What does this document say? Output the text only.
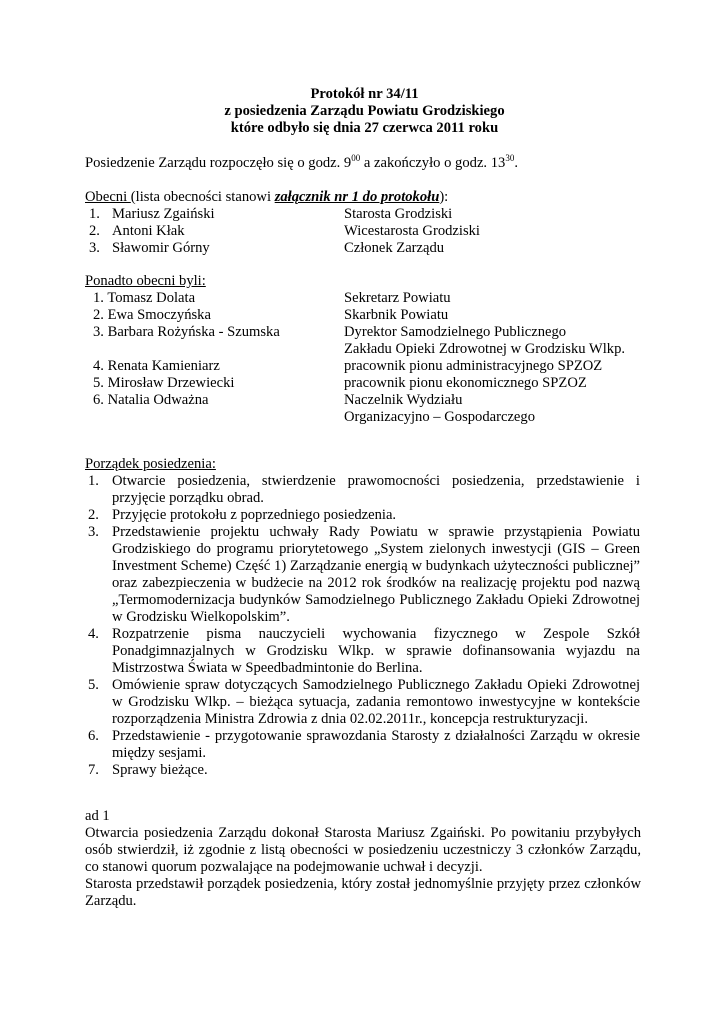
Protokół nr 34/11
z posiedzenia Zarządu Powiatu Grodziskiego
które odbyło się dnia 27 czerwca 2011 roku
Posiedzenie Zarządu rozpoczęło się o godz. $9^{00}$ a zakończyło o godz. $13^{30}$.
Obecni (lista obecności stanowi załącznik nr 1 do protokołu):
1. Mariusz Zgaiński	Starosta Grodziski
2. Antoni Kłak	Wicestarosta Grodziski
3. Sławomir Górny	Członek Zarządu
Ponadto obecni byli:
1. Tomasz Dolata	Sekretarz Powiatu
2. Ewa Smoczyńska	Skarbnik Powiatu
3. Barbara Rożyńska - Szumska	Dyrektor Samodzielnego Publicznego
Zakładu Opieki Zdrowotnej w Grodzisku Wlkp.
4. Renata Kamieniarz	pracownik pionu administracyjnego SPZOZ
5. Mirosław Drzewiecki	pracownik pionu ekonomicznego SPZOZ
6. Natalia Odważna	Naczelnik Wydziału
Organizacyjno – Gospodarczego
Porządek posiedzenia:
1. Otwarcie posiedzenia, stwierdzenie prawomocności posiedzenia, przedstawienie i przyjęcie porządku obrad.
2. Przyjęcie protokołu z poprzedniego posiedzenia.
3. Przedstawienie projektu uchwały Rady Powiatu w sprawie przystąpienia Powiatu Grodziskiego do programu priorytetowego „System zielonych inwestycji (GIS – Green Investment Scheme) Część 1) Zarządzanie energią w budynkach użyteczności publicznej” oraz zabezpieczenia w budżecie na 2012 rok środków na realizację projektu pod nazwą „Termomodernizacja budynków Samodzielnego Publicznego Zakładu Opieki Zdrowotnej w Grodzisku Wielkopolskim”.
4. Rozpatrzenie pisma nauczycieli wychowania fizycznego w Zespole Szkół Ponadgimnazjalnych w Grodzisku Wlkp. w sprawie dofinansowania wyjazdu na Mistrzostwa Świata w Speedbadmintonie do Berlina.
5. Omówienie spraw dotyczących Samodzielnego Publicznego Zakładu Opieki Zdrowotnej w Grodzisku Wlkp. – bieżąca sytuacja, zadania remontowo inwestycyjne w kontekście rozporządzenia Ministra Zdrowia z dnia 02.02.2011r., koncepcja restrukturyzacji.
6. Przedstawienie - przygotowanie sprawozdania Starosty z działalności Zarządu w okresie między sesjami.
7. Sprawy bieżące.

ad 1

Otwarcia posiedzenia Zarządu dokonał Starosta Mariusz Zgaiński. Po powitaniu przybyłych osób stwierdził, iż zgodnie z listą obecności w posiedzeniu uczestniczy 3 członków Zarządu, co stanowi quorum pozwalające na podejmowanie uchwał i decyzji.

Starosta przedstawił porządek posiedzenia, który został jednomyślnie przyjęty przez członków Zarządu.
